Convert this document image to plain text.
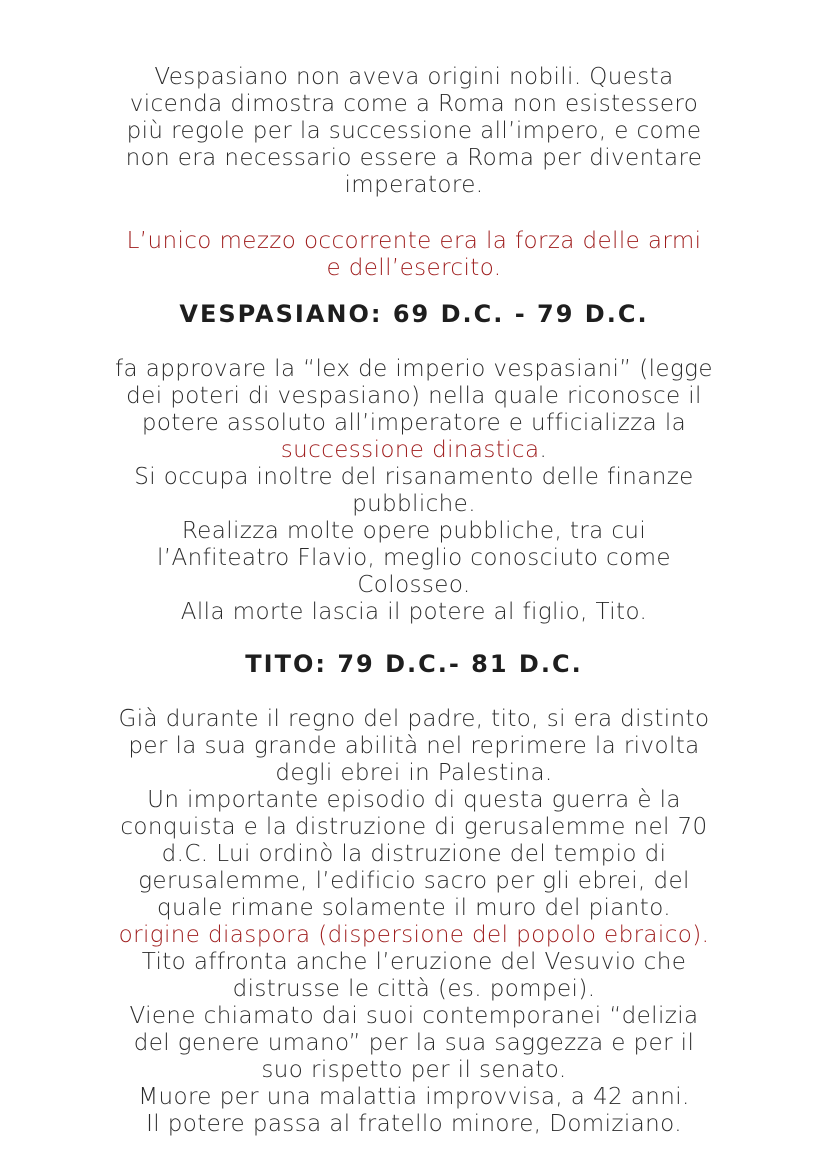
Vespasiano non aveva origini nobili. Questa
vicenda dimostra come a Roma non esistessero
più regole per la successione all’impero, e come
non era necessario essere a Roma per diventare
imperatore.
L’unico mezzo occorrente era la forza delle armi
e dell’esercito.
VESPASIANO: 69 D.C. - 79 D.C.
fa approvare la “lex de imperio vespasiani” (legge
dei poteri di vespasiano) nella quale riconosce il
potere assoluto all’imperatore e ufficializza la
successione dinastica.
Si occupa inoltre del risanamento delle finanze
pubbliche.
Realizza molte opere pubbliche, tra cui
l’Anfiteatro Flavio, meglio conosciuto come
Colosseo.
Alla morte lascia il potere al figlio, Tito.
TITO: 79 D.C.- 81 D.C.
Già durante il regno del padre, tito, si era distinto
per la sua grande abilità nel reprimere la rivolta
degli ebrei in Palestina.
Un importante episodio di questa guerra è la
conquista e la distruzione di gerusalemme nel 70
d.C. Lui ordinò la distruzione del tempio di
gerusalemme, l’edificio sacro per gli ebrei, del
quale rimane solamente il muro del pianto.
origine diaspora (dispersione del popolo ebraico).
Tito affronta anche l’eruzione del Vesuvio che
distrusse le città (es. pompei).
Viene chiamato dai suoi contemporanei “delizia
del genere umano” per la sua saggezza e per il
suo rispetto per il senato.
Muore per una malattia improvvisa, a 42 anni.
Il potere passa al fratello minore, Domiziano.
